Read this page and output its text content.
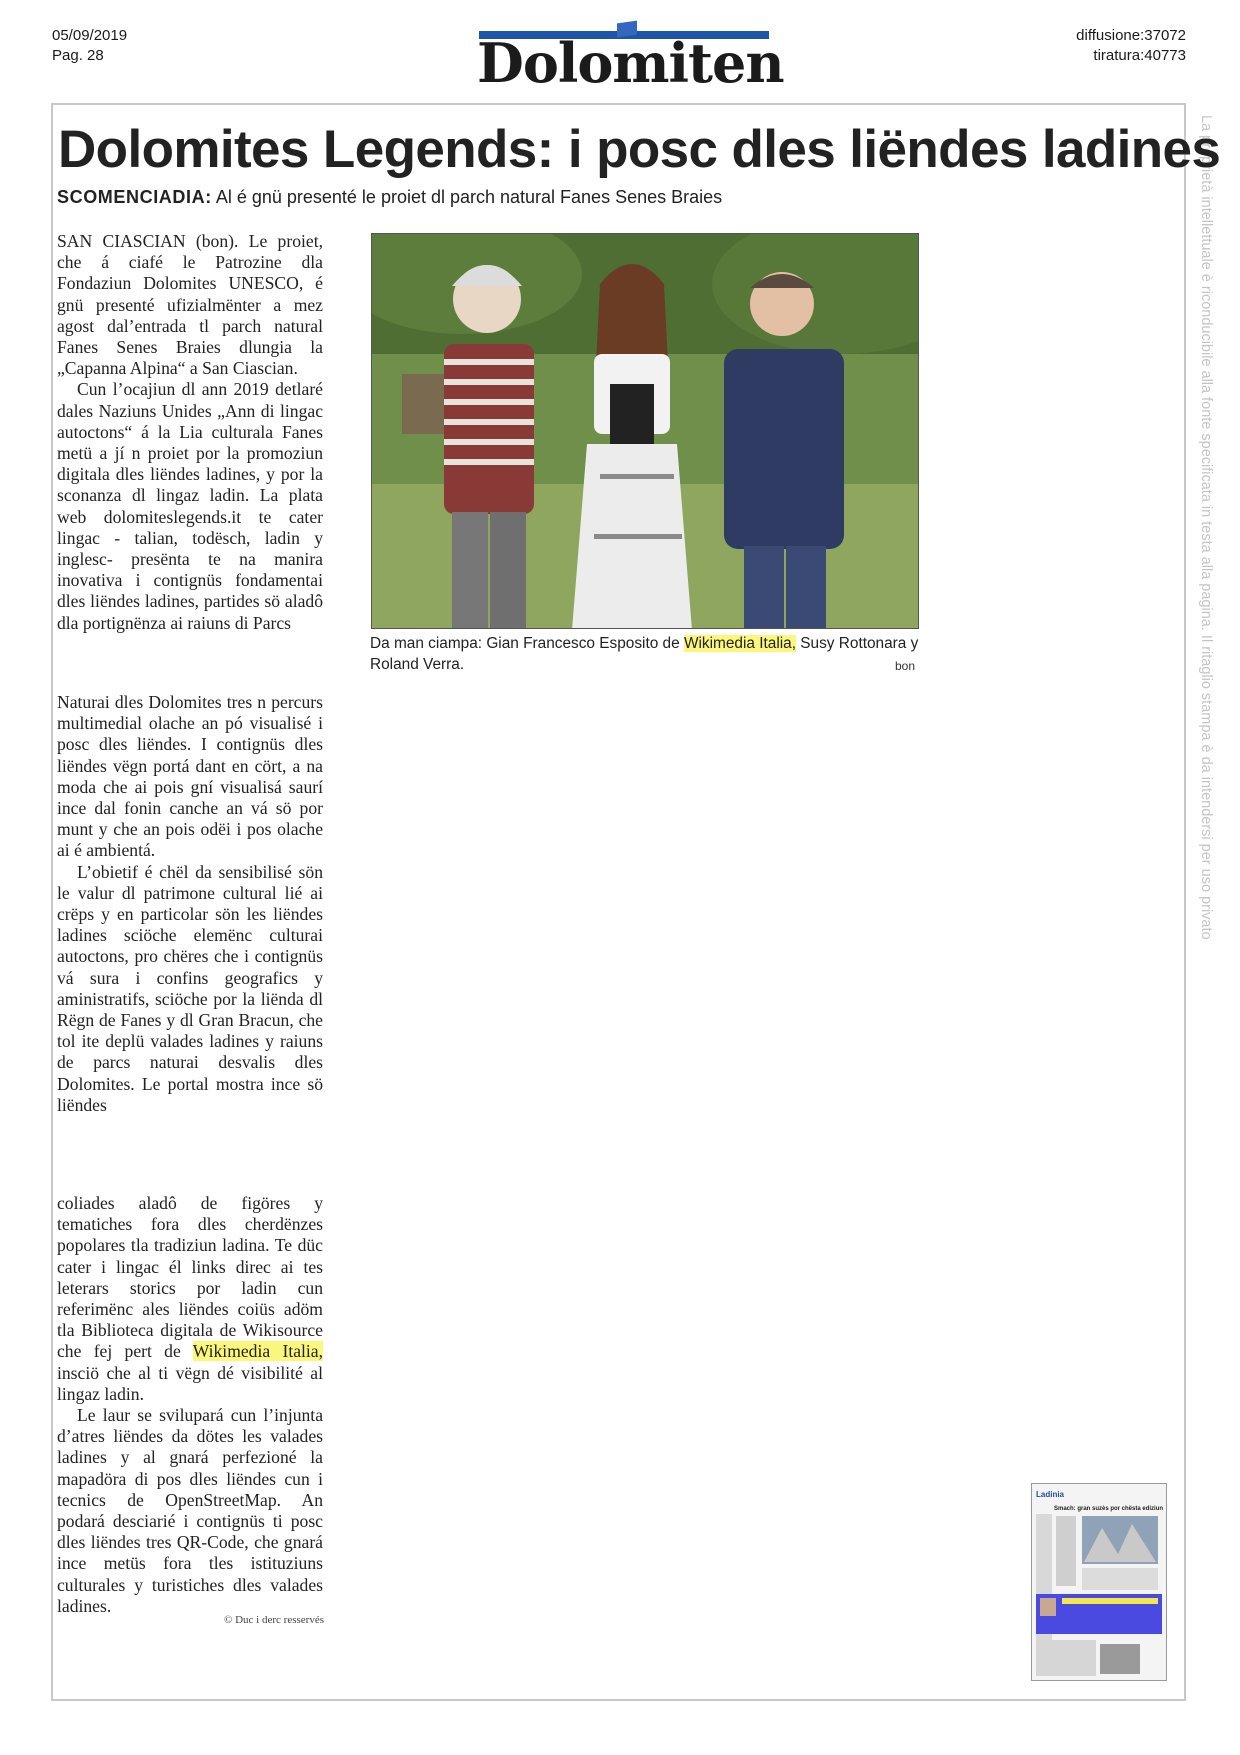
05/09/2019
Pag. 28	Dolomiten	diffusione:37072
tiratura:40773
La proprietà intellettuale è riconducibile alla fonte specificata in testa alla pagina. Il ritaglio stampa è da intendersi per uso privato
Dolomites Legends: i posc dles liëndes ladines
SCOMENCIADIA: Al é gnü presenté le proiet dl parch natural Fanes Senes Braies

SAN CIASCIAN (bon). Le proiet, che á ciafé le Patrozine dla Fondaziun Dolomites UNESCO, é gnü presenté ufizialmënter a mez agost dal’entrada tl parch natural Fanes Senes Braies dlungia la „Capanna Alpina“ a San Ciascian.

Cun l’ocajiun dl ann 2019 detlaré dales Naziuns Unides „Ann di lingac autoctons“ á la Lia culturala Fanes metü a jí n proiet por la promoziun digitala dles liëndes ladines, y por la sconanza dl lingaz ladin. La plata web dolomiteslegends.it te cater lingac - talian, todësch, ladin y inglesc- presënta te na manira inovativa i contignüs fondamentai dles liëndes ladines, partides sö aladô dla portignënza ai raiuns di Parcs

Naturai dles Dolomites tres n percurs multimedial olache an pó visualisé i posc dles liëndes. I contignüs dles liëndes vëgn portá dant en cört, a na moda che ai pois gní visualisá saurí ince dal fonin canche an vá sö por munt y che an pois odëi i pos olache ai é ambientá.

L’obietif é chël da sensibilisé sön le valur dl patrimone cultural lié ai crëps y en particolar sön les liëndes ladines sciöche elemënc culturai autoctons, pro chëres che i contignüs vá sura i confins geografics y aministratifs, sciöche por la liënda dl Rëgn de Fanes y dl Gran Bracun, che tol ite deplü valades ladines y raiuns de parcs naturai desvalis dles Dolomites. Le portal mostra ince sö liëndes

coliades aladô de figöres y tematiches fora dles cherdënzes popolares tla tradiziun ladina. Te düc cater i lingac él links direc ai tes leterars storics por ladin cun referimënc ales liëndes coiüs adöm tla Biblioteca digitala de Wikisource che fej pert de Wikimedia Italia, insciö che al ti vëgn dé visibilité al lingaz ladin.

Le laur se svilupará cun l’injunta d’atres liëndes da dötes les valades ladines y al gnará perfezioné la mapadöra di pos dles liëndes cun i tecnics de OpenStreetMap. An podará desciarié i contignüs ti posc dles liëndes tres QR-Code, che gnará ince metüs fora tles istituziuns culturales y turistiches dles valades ladines.

© Duc i derc resservés
Da man ciampa: Gian Francesco Esposito de Wikimedia Italia, Susy Rottonara y Roland Verra.	bon
Ladinia
Smach: gran suzès por chësta ediziun
